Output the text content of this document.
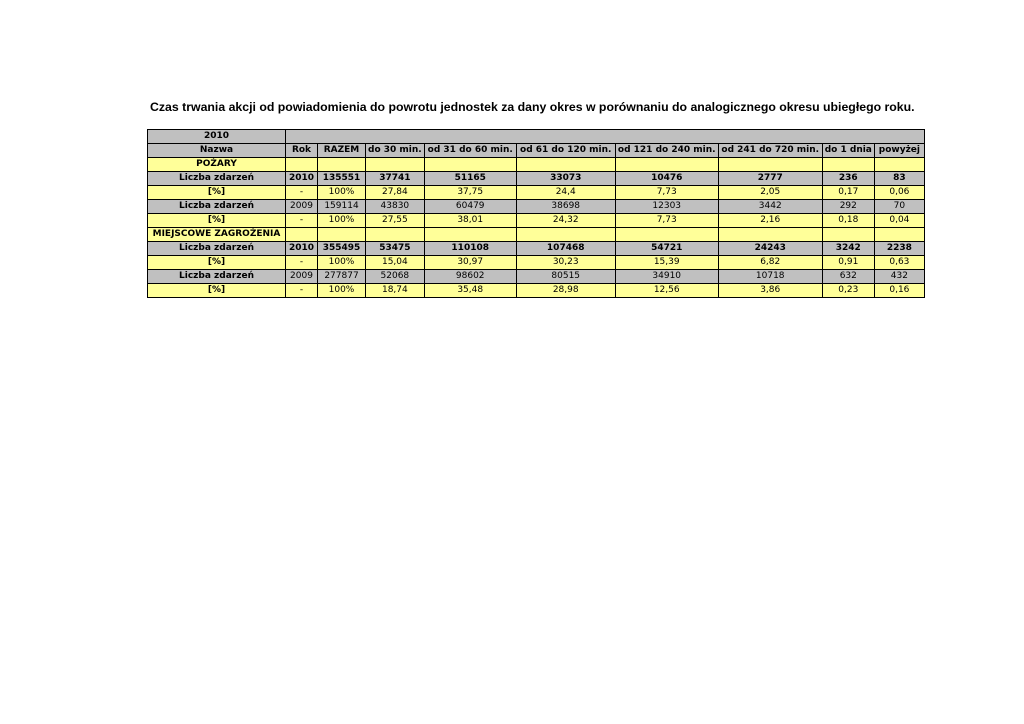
Czas trwania akcji od powiadomienia do powrotu jednostek za dany okres w porównaniu do analogicznego okresu ubiegłego roku.
2010									
Nazwa	Rok	RAZEM	do 30 min.	od 31 do 60 min.	od 61 do 120 min.	od 121 do 240 min.	od 241 do 720 min.	do 1 dnia	powyżej
POŻARY									
Liczba zdarzeń	2010	135551	37741	51165	33073	10476	2777	236	83
[%]	-	100%	27,84	37,75	24,4	7,73	2,05	0,17	0,06
Liczba zdarzeń	2009	159114	43830	60479	38698	12303	3442	292	70
[%]	-	100%	27,55	38,01	24,32	7,73	2,16	0,18	0,04
MIEJSCOWE ZAGROŻENIA									
Liczba zdarzeń	2010	355495	53475	110108	107468	54721	24243	3242	2238
[%]	-	100%	15,04	30,97	30,23	15,39	6,82	0,91	0,63
Liczba zdarzeń	2009	277877	52068	98602	80515	34910	10718	632	432
[%]	-	100%	18,74	35,48	28,98	12,56	3,86	0,23	0,16
